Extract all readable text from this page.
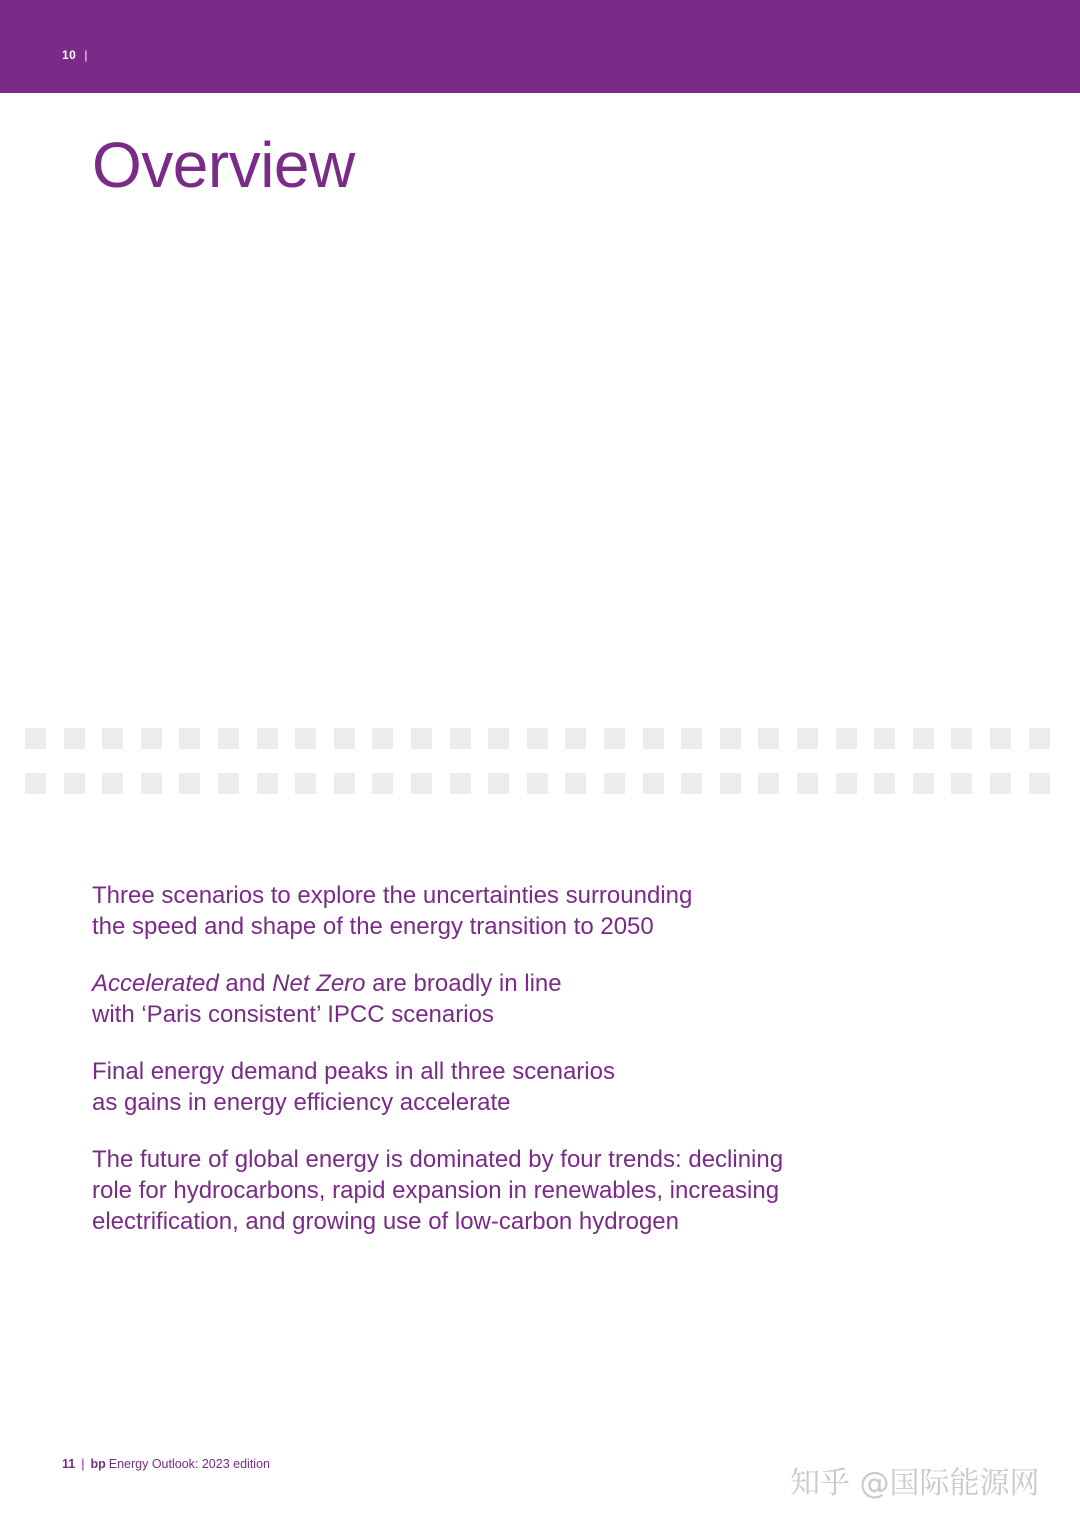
10 |
Overview

Three scenarios to explore the uncertainties surrounding
the speed and shape of the energy transition to 2050

Accelerated and Net Zero are broadly in line
with ‘Paris consistent’ IPCC scenarios

Final energy demand peaks in all three scenarios
as gains in energy efficiency accelerate

The future of global energy is dominated by four trends: declining
role for hydrocarbons, rapid expansion in renewables, increasing
electrification, and growing use of low-carbon hydrogen

11 | bp Energy Outlook: 2023 edition
知乎 @国际能源网
